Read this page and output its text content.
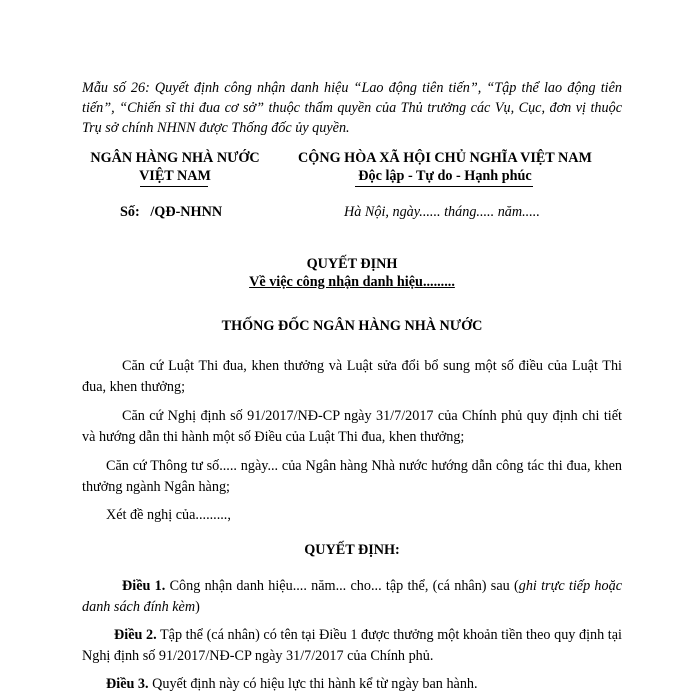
Mẫu số 26: Quyết định công nhận danh hiệu “Lao động tiên tiến”, “Tập thể lao động tiên tiến”, “Chiến sĩ thi đua cơ sở” thuộc thẩm quyền của Thủ trưởng các Vụ, Cục, đơn vị thuộc Trụ sở chính NHNN được Thống đốc ủy quyền.
NGÂN HÀNG NHÀ NƯỚC
VIỆT NAM
CỘNG HÒA XÃ HỘI CHỦ NGHĨA VIỆT NAM
Độc lập - Tự do - Hạnh phúc
Số:   /QĐ-NHNN	Hà Nội, ngày...... tháng..... năm.....
QUYẾT ĐỊNH
Về việc công nhận danh hiệu.........
THỐNG ĐỐC NGÂN HÀNG NHÀ NƯỚC
Căn cứ Luật Thi đua, khen thưởng và Luật sửa đổi bổ sung một số điều của Luật Thi đua, khen thưởng;
Căn cứ Nghị định số 91/2017/NĐ-CP ngày 31/7/2017 của Chính phủ quy định chi tiết và hướng dẫn thi hành một số Điều của Luật Thi đua, khen thưởng;
Căn cứ Thông tư số..... ngày... của Ngân hàng Nhà nước hướng dẫn công tác thi đua, khen thưởng ngành Ngân hàng;
Xét đề nghị của.........,
QUYẾT ĐỊNH:
Điều 1. Công nhận danh hiệu.... năm... cho... tập thể, (cá nhân) sau (ghi trực tiếp hoặc danh sách đính kèm)
Điều 2. Tập thể (cá nhân) có tên tại Điều 1 được thưởng một khoản tiền theo quy định tại Nghị định số 91/2017/NĐ-CP ngày 31/7/2017 của Chính phủ.
Điều 3. Quyết định này có hiệu lực thi hành kể từ ngày ban hành.
